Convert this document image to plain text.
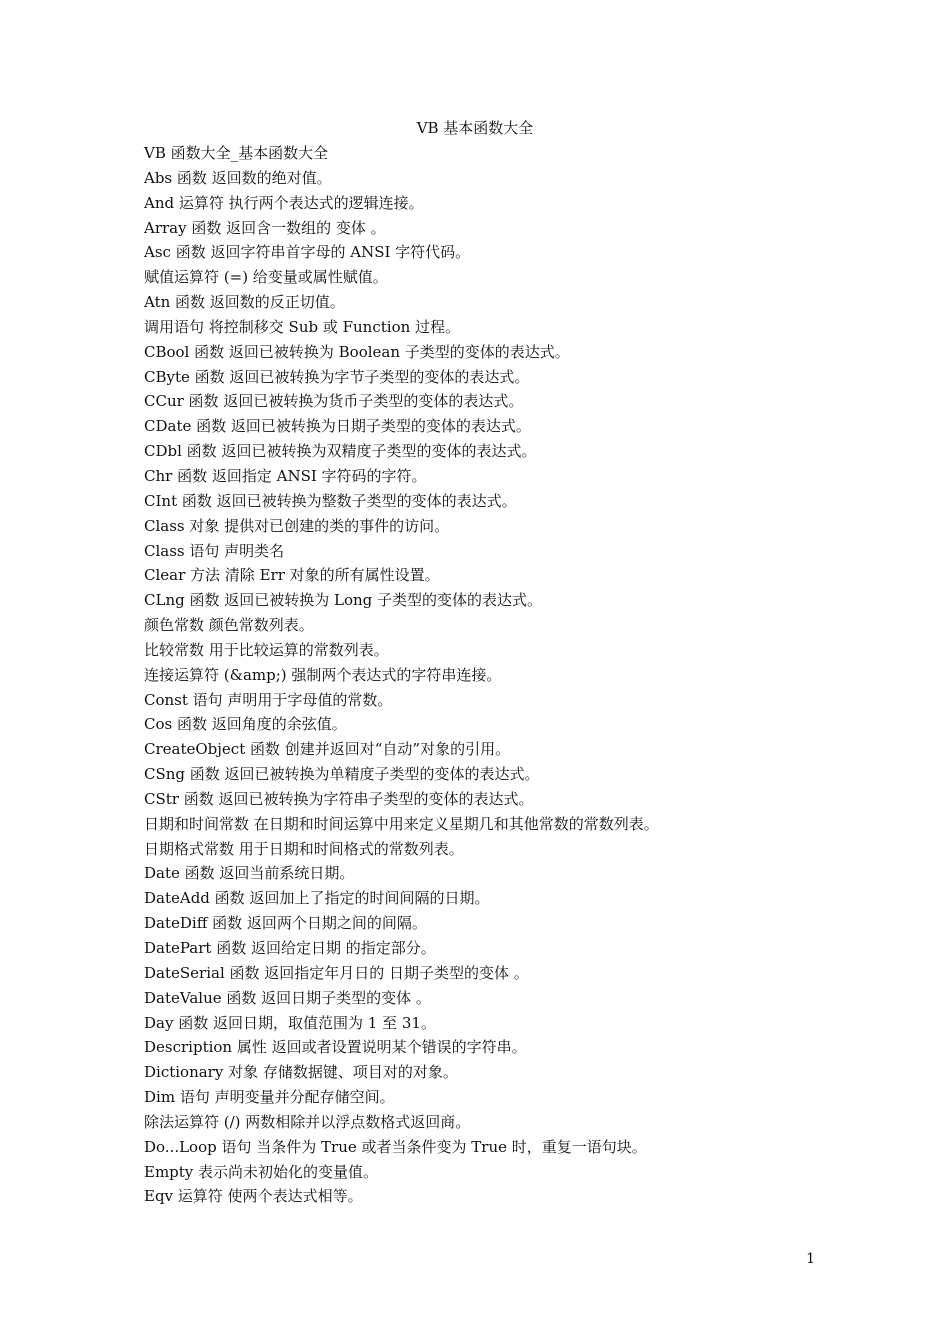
VB 基本函数大全
VB 函数大全_基本函数大全
Abs 函数 返回数的绝对值。
And 运算符 执行两个表达式的逻辑连接。
Array 函数 返回含一数组的 变体 。
Asc 函数 返回字符串首字母的 ANSI 字符代码。
赋值运算符 (=) 给变量或属性赋值。
Atn 函数 返回数的反正切值。
调用语句 将控制移交 Sub 或 Function 过程。
CBool 函数 返回已被转换为 Boolean 子类型的变体的表达式。
CByte 函数 返回已被转换为字节子类型的变体的表达式。
CCur 函数 返回已被转换为货币子类型的变体的表达式。
CDate 函数 返回已被转换为日期子类型的变体的表达式。
CDbl 函数 返回已被转换为双精度子类型的变体的表达式。
Chr 函数 返回指定 ANSI 字符码的字符。
CInt 函数 返回已被转换为整数子类型的变体的表达式。
Class 对象 提供对已创建的类的事件的访问。
Class 语句 声明类名
Clear 方法 清除 Err 对象的所有属性设置。
CLng 函数 返回已被转换为 Long 子类型的变体的表达式。
颜色常数 颜色常数列表。
比较常数 用于比较运算的常数列表。
连接运算符 (&amp;) 强制两个表达式的字符串连接。
Const 语句 声明用于字母值的常数。
Cos 函数 返回角度的余弦值。
CreateObject 函数 创建并返回对“自动”对象的引用。
CSng 函数 返回已被转换为单精度子类型的变体的表达式。
CStr 函数 返回已被转换为字符串子类型的变体的表达式。
日期和时间常数 在日期和时间运算中用来定义星期几和其他常数的常数列表。
日期格式常数 用于日期和时间格式的常数列表。
Date 函数 返回当前系统日期。
DateAdd 函数 返回加上了指定的时间间隔的日期。
DateDiff 函数 返回两个日期之间的间隔。
DatePart 函数 返回给定日期 的指定部分。
DateSerial 函数 返回指定年月日的 日期子类型的变体 。
DateValue 函数 返回日期子类型的变体 。
Day 函数 返回日期，取值范围为 1 至 31。
Description 属性 返回或者设置说明某个错误的字符串。
Dictionary 对象 存储数据键、项目对的对象。
Dim 语句 声明变量并分配存储空间。
除法运算符 (/) 两数相除并以浮点数格式返回商。
Do...Loop 语句 当条件为 True 或者当条件变为 True 时，重复一语句块。
Empty 表示尚未初始化的变量值。
Eqv 运算符 使两个表达式相等。
1
